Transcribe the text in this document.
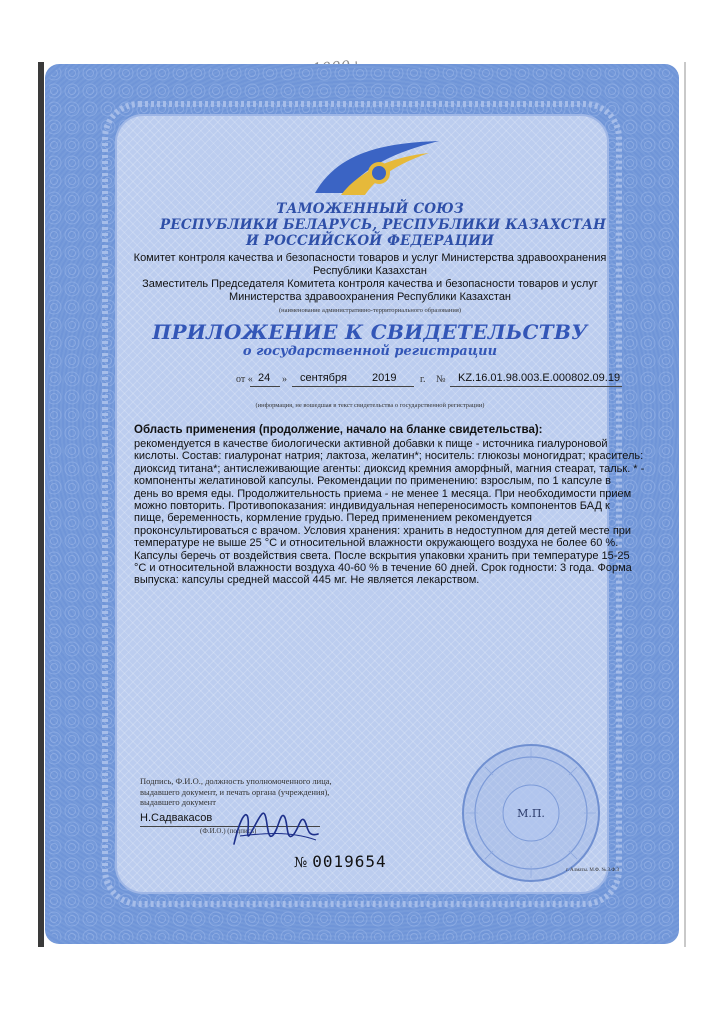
ТАМОЖЕННЫЙ СОЮЗ
РЕСПУБЛИКИ БЕЛАРУСЬ, РЕСПУБЛИКИ КАЗАХСТАН
И РОССИЙСКОЙ ФЕДЕРАЦИИ
Комитет контроля качества и безопасности товаров и услуг Министерства здравоохранения
Республики Казахстан
Заместитель Председателя Комитета контроля качества и безопасности товаров и услуг
Министерства здравоохранения Республики Казахстан
(наименование административно-территориального образования)
ПРИЛОЖЕНИЕ К СВИДЕТЕЛЬСТВУ
о государственной регистрации
от « 24 » сентября 2019 г. № KZ.16.01.98.003.E.000802.09.19
(информация, не вошедшая в текст свидетельства о государственной регистрации)
Область применения (продолжение, начало на бланке свидетельства):
рекомендуется в качестве биологически активной добавки к пище - источника гиалуроновой
кислоты. Состав: гиалуронат натрия; лактоза, желатин*; носитель: глюкозы моногидрат; краситель:
диоксид титана*; антислеживающие агенты: диоксид кремния аморфный, магния стеарат, тальк. * -
компоненты желатиновой капсулы. Рекомендации по применению: взрослым, по 1 капсуле в
день во время еды. Продолжительность приема - не менее 1 месяца. При необходимости прием
можно повторить. Противопоказания: индивидуальная непереносимость компонентов БАД к
пище, беременность, кормление грудью. Перед применением рекомендуется
проконсультироваться с врачом. Условия хранения: хранить в недоступном для детей месте при
температуре не выше 25 °С и относительной влажности окружающего воздуха не более 60 %.
Капсулы беречь от воздействия света. После вскрытия упаковки хранить при температуре 15-25
°С и относительной влажности воздуха 40-60 % в течение 60 дней. Срок годности: 3 года. Форма
выпуска: капсулы средней массой 445 мг. Не является лекарством.
Подпись, Ф.И.О., должность уполномоченного лица,
выдавшего документ, и печать органа (учреждения),
выдавшего документ
Н.Садвакасов
(Ф.И.О.) (подпись)
№ 0019654
М.П.
г. Алматы. М.Ф. №.З.Ф.З
